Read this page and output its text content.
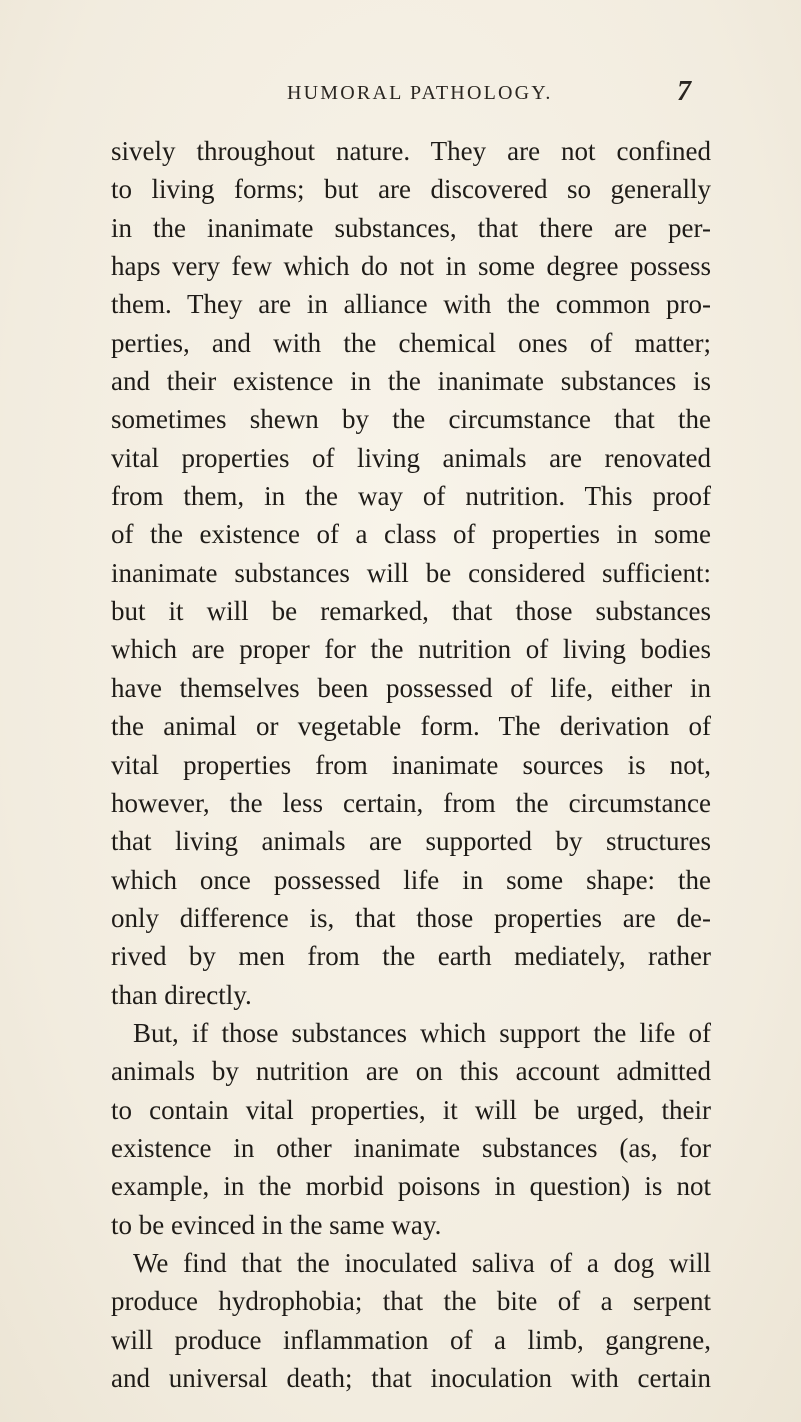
HUMORAL PATHOLOGY.	7
sively throughout nature. They are not confined
to living forms; but are discovered so generally
in the inanimate substances, that there are per-
haps very few which do not in some degree possess
them. They are in alliance with the common pro-
perties, and with the chemical ones of matter;
and their existence in the inanimate substances is
sometimes shewn by the circumstance that the
vital properties of living animals are renovated
from them, in the way of nutrition. This proof
of the existence of a class of properties in some
inanimate substances will be considered sufficient:
but it will be remarked, that those substances
which are proper for the nutrition of living bodies
have themselves been possessed of life, either in
the animal or vegetable form. The derivation of
vital properties from inanimate sources is not,
however, the less certain, from the circumstance
that living animals are supported by structures
which once possessed life in some shape: the
only difference is, that those properties are de-
rived by men from the earth mediately, rather
than directly.
But, if those substances which support the life of
animals by nutrition are on this account admitted
to contain vital properties, it will be urged, their
existence in other inanimate substances (as, for
example, in the morbid poisons in question) is not
to be evinced in the same way.
We find that the inoculated saliva of a dog will
produce hydrophobia; that the bite of a serpent
will produce inflammation of a limb, gangrene,
and universal death; that inoculation with certain
